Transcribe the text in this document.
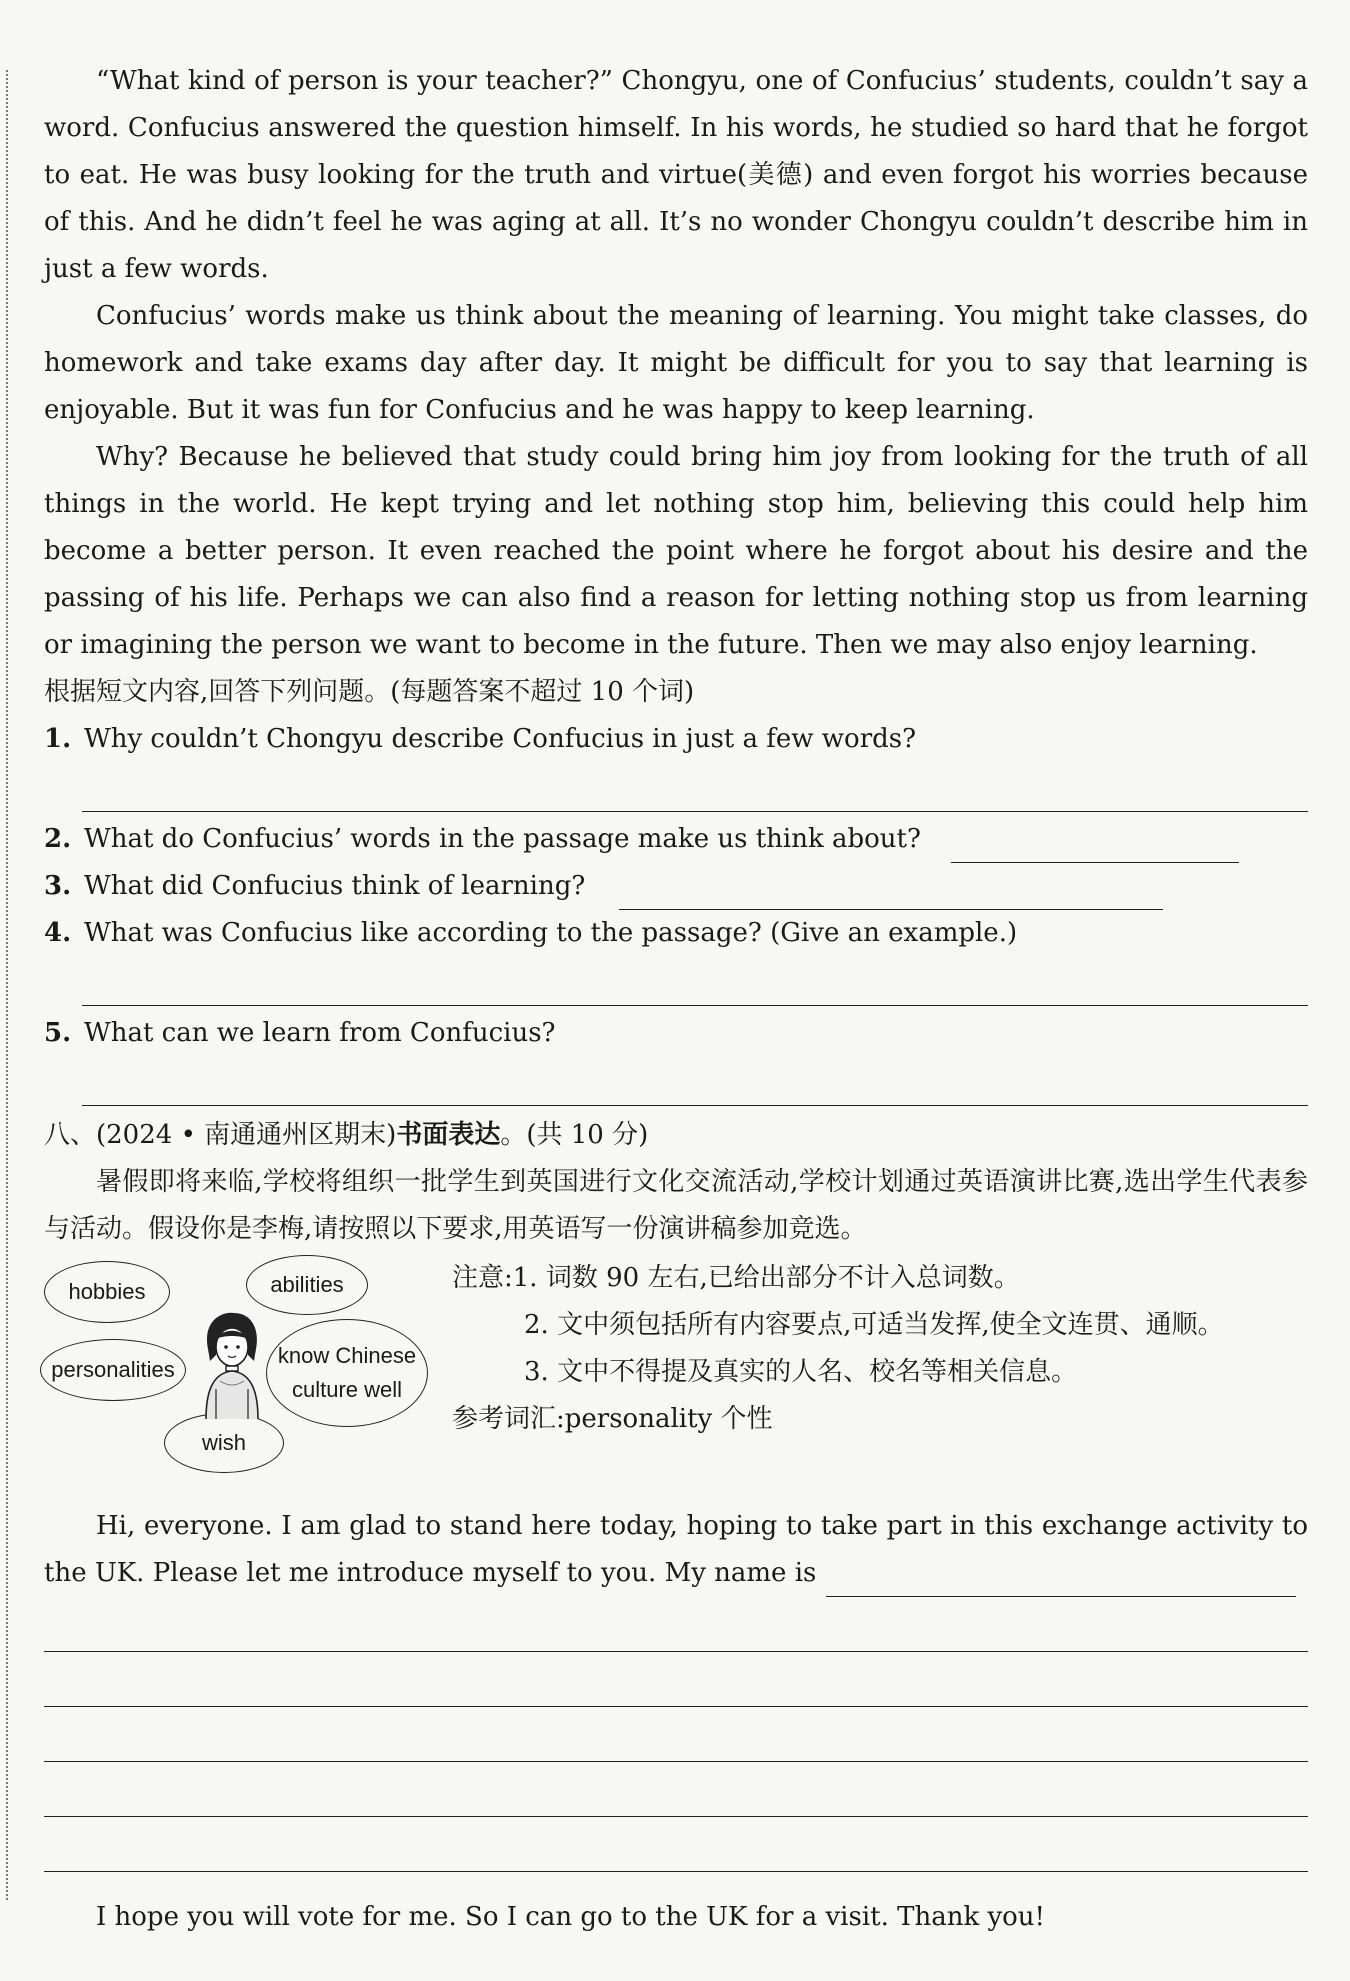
“What kind of person is your teacher?” Chongyu, one of Confucius’ students, couldn’t say a word. Confucius answered the question himself. In his words, he studied so hard that he forgot to eat. He was busy looking for the truth and virtue(美德) and even forgot his worries because of this. And he didn’t feel he was aging at all. It’s no wonder Chongyu couldn’t describe him in just a few words.

Confucius’ words make us think about the meaning of learning. You might take classes, do homework and take exams day after day. It might be difficult for you to say that learning is enjoyable. But it was fun for Confucius and he was happy to keep learning.

Why? Because he believed that study could bring him joy from looking for the truth of all things in the world. He kept trying and let nothing stop him, believing this could help him become a better person. It even reached the point where he forgot about his desire and the passing of his life. Perhaps we can also find a reason for letting nothing stop us from learning or imagining the person we want to become in the future. Then we may also enjoy learning.

根据短文内容,回答下列问题。(每题答案不超过 10 个词)

1. Why couldn’t Chongyu describe Confucius in just a few words?
2. What do Confucius’ words in the passage make us think about?
3. What did Confucius think of learning?
4. What was Confucius like according to the passage? (Give an example.)
5. What can we learn from Confucius?

八、(2024 • 南通通州区期末)书面表达。(共 10 分)

暑假即将来临,学校将组织一批学生到英国进行文化交流活动,学校计划通过英语演讲比赛,选出学生代表参与活动。假设你是李梅,请按照以下要求,用英语写一份演讲稿参加竞选。

hobbies	abilities
personalities
know Chinese
culture well
wish

注意:1. 词数 90 左右,已给出部分不计入总词数。

2. 文中须包括所有内容要点,可适当发挥,使全文连贯、通顺。

3. 文中不得提及真实的人名、校名等相关信息。

参考词汇:personality 个性

Hi, everyone. I am glad to stand here today, hoping to take part in this exchange activity to the UK. Please let me introduce myself to you. My name is

I hope you will vote for me. So I can go to the UK for a visit. Thank you!
